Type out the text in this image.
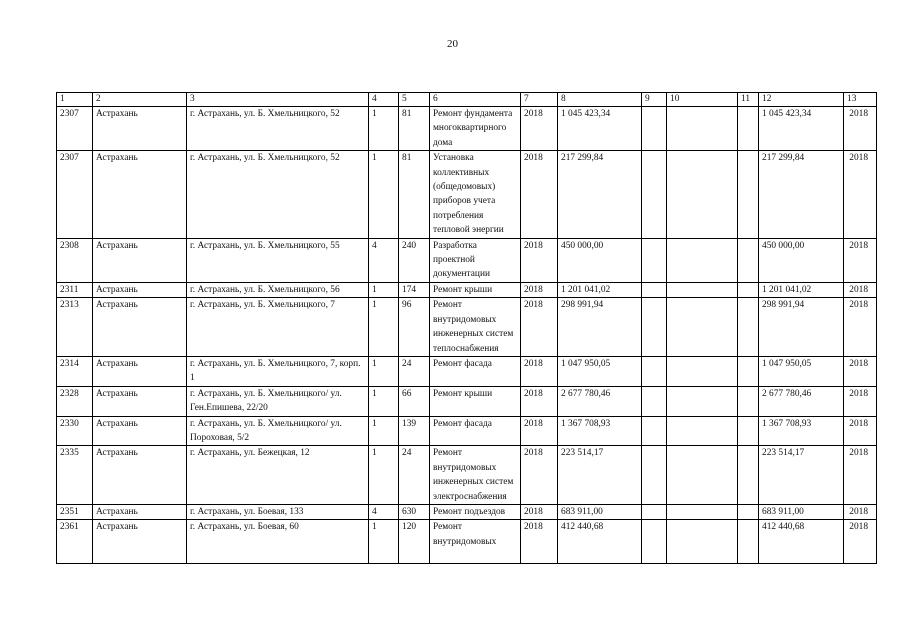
20
1	2	3	4	5	6	7	8	9	10	11	12	13
2307	Астрахань	г. Астрахань, ул. Б. Хмельницкого, 52	1	81	Ремонт фундамента многоквартирного дома	2018	1 045 423,34				1 045 423,34	2018
2307	Астрахань	г. Астрахань, ул. Б. Хмельницкого, 52	1	81	Установка коллективных (общедомовых) приборов учета потребления тепловой энергии	2018	217 299,84				217 299,84	2018
2308	Астрахань	г. Астрахань, ул. Б. Хмельницкого, 55	4	240	Разработка проектной документации	2018	450 000,00				450 000,00	2018
2311	Астрахань	г. Астрахань, ул. Б. Хмельницкого, 56	1	174	Ремонт крыши	2018	1 201 041,02				1 201 041,02	2018
2313	Астрахань	г. Астрахань, ул. Б. Хмельницкого, 7	1	96	Ремонт внутридомовых инженерных систем теплоснабжения	2018	298 991,94				298 991,94	2018
2314	Астрахань	г. Астрахань, ул. Б. Хмельницкого, 7, корп. 1	1	24	Ремонт фасада	2018	1 047 950,05				1 047 950,05	2018
2328	Астрахань	г. Астрахань, ул. Б. Хмельницкого/ ул. Ген.Епишева, 22/20	1	66	Ремонт крыши	2018	2 677 780,46				2 677 780,46	2018
2330	Астрахань	г. Астрахань, ул. Б. Хмельницкого/ ул. Пороховая, 5/2	1	139	Ремонт фасада	2018	1 367 708,93				1 367 708,93	2018
2335	Астрахань	г. Астрахань, ул. Бежецкая, 12	1	24	Ремонт внутридомовых инженерных систем электроснабжения	2018	223 514,17				223 514,17	2018
2351	Астрахань	г. Астрахань, ул. Боевая, 133	4	630	Ремонт подъездов	2018	683 911,00				683 911,00	2018

2361	Астрахань	г. Астрахань, ул. Боевая, 60	1	120	Ремонт внутридомовых	2018	412 440,68				412 440,68	2018
